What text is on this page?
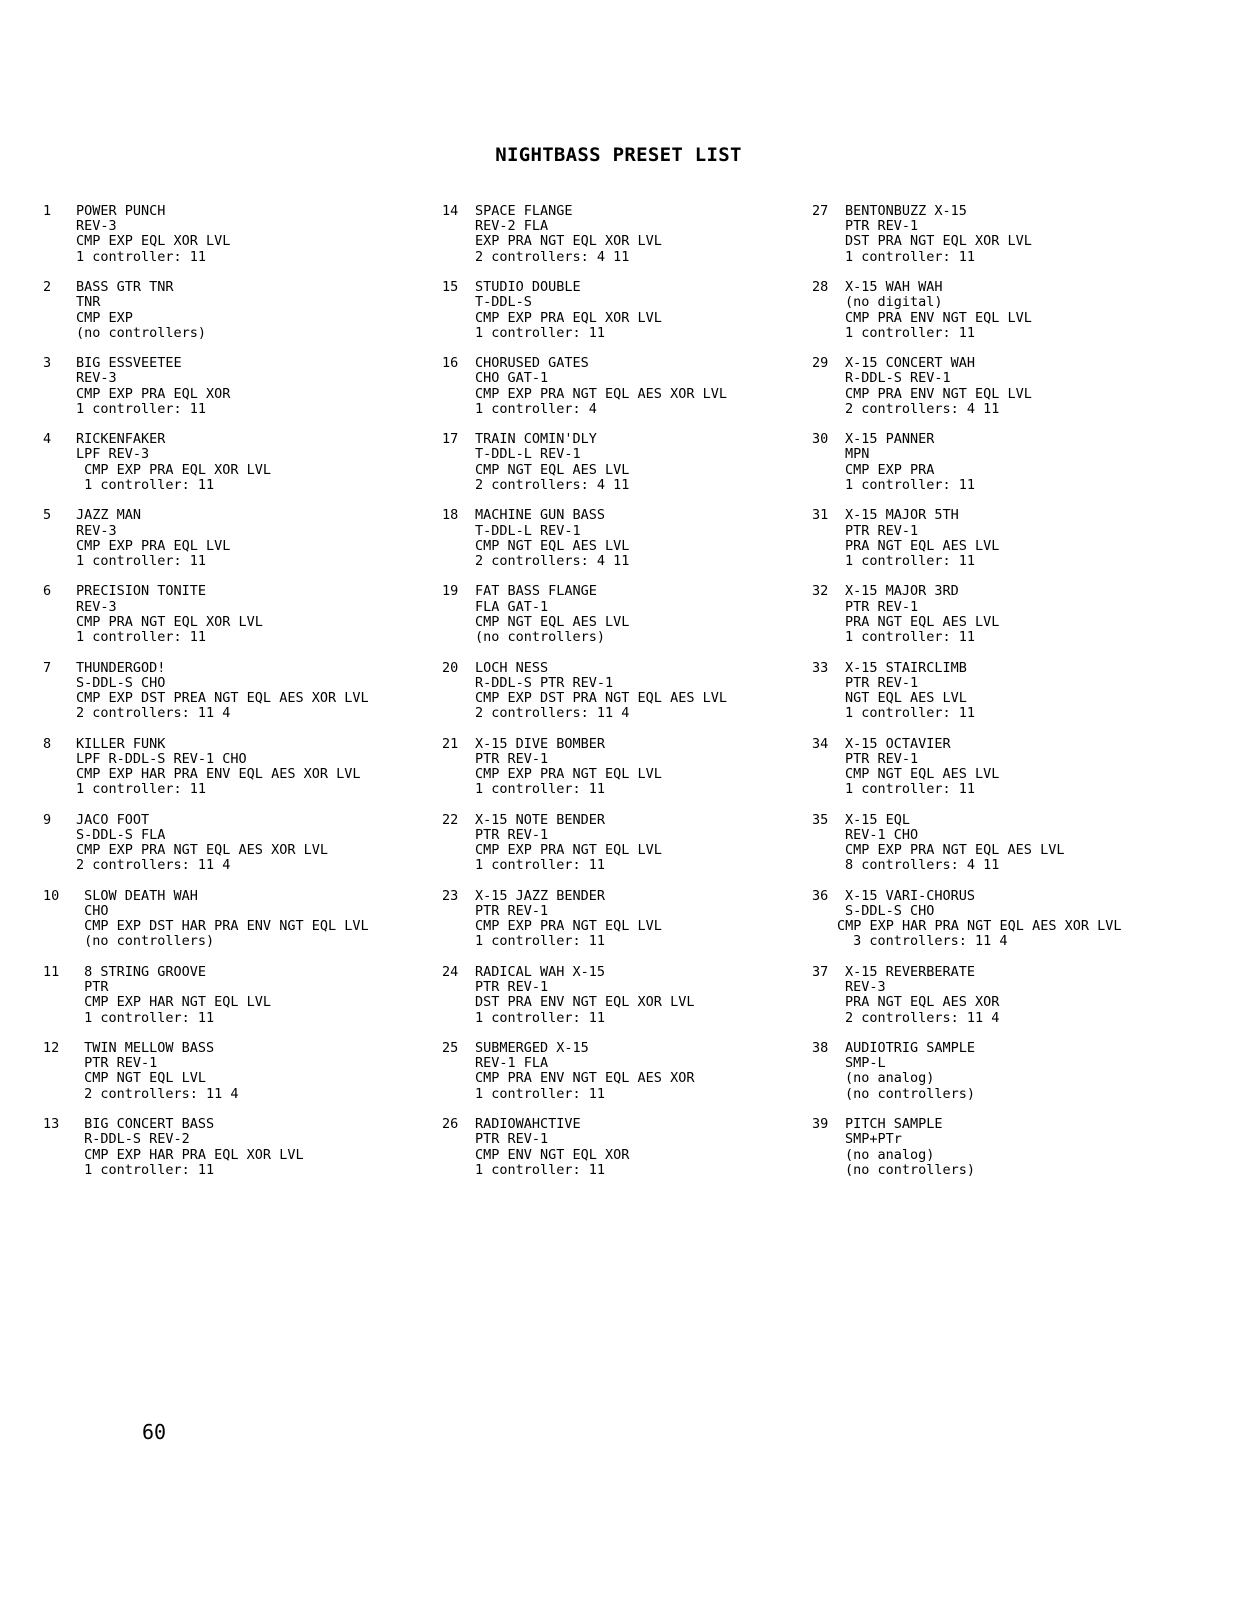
NIGHTBASS PRESET LIST
1	POWER PUNCH
REV-3
CMP EXP EQL XOR LVL
1 controller: 11
2	BASS GTR TNR
TNR
CMP EXP
(no controllers)
3	BIG ESSVEETEE
REV-3
CMP EXP PRA EQL XOR
1 controller: 11
4	RICKENFAKER
LPF REV-3
CMP EXP PRA EQL XOR LVL
1 controller: 11
5	JAZZ MAN
REV-3
CMP EXP PRA EQL LVL
1 controller: 11
6	PRECISION TONITE
REV-3
CMP PRA NGT EQL XOR LVL
1 controller: 11
7	THUNDERGOD!
S-DDL-S CHO
CMP EXP DST PREA NGT EQL AES XOR LVL
2 controllers: 11 4
8	KILLER FUNK
LPF R-DDL-S REV-1 CHO
CMP EXP HAR PRA ENV EQL AES XOR LVL
1 controller: 11
9	JACO FOOT
S-DDL-S FLA
CMP EXP PRA NGT EQL AES XOR LVL
2 controllers: 11 4
10	SLOW DEATH WAH
CHO
CMP EXP DST HAR PRA ENV NGT EQL LVL
(no controllers)
11	8 STRING GROOVE
PTR
CMP EXP HAR NGT EQL LVL
1 controller: 11
12	TWIN MELLOW BASS
PTR REV-1
CMP NGT EQL LVL
2 controllers: 11 4
13	BIG CONCERT BASS
R-DDL-S REV-2
CMP EXP HAR PRA EQL XOR LVL
1 controller: 11
14	SPACE FLANGE
REV-2 FLA
EXP PRA NGT EQL XOR LVL
2 controllers: 4 11
15	STUDIO DOUBLE
T-DDL-S
CMP EXP PRA EQL XOR LVL
1 controller: 11
16	CHORUSED GATES
CHO GAT-1
CMP EXP PRA NGT EQL AES XOR LVL
1 controller: 4
17	TRAIN COMIN'DLY
T-DDL-L REV-1
CMP NGT EQL AES LVL
2 controllers: 4 11
18	MACHINE GUN BASS
T-DDL-L REV-1
CMP NGT EQL AES LVL
2 controllers: 4 11
19	FAT BASS FLANGE
FLA GAT-1
CMP NGT EQL AES LVL
(no controllers)
20	LOCH NESS
R-DDL-S PTR REV-1
CMP EXP DST PRA NGT EQL AES LVL
2 controllers: 11 4
21	X-15 DIVE BOMBER
PTR REV-1
CMP EXP PRA NGT EQL LVL
1 controller: 11
22	X-15 NOTE BENDER
PTR REV-1
CMP EXP PRA NGT EQL LVL
1 controller: 11
23	X-15 JAZZ BENDER
PTR REV-1
CMP EXP PRA NGT EQL LVL
1 controller: 11
24	RADICAL WAH X-15
PTR REV-1
DST PRA ENV NGT EQL XOR LVL
1 controller: 11
25	SUBMERGED X-15
REV-1 FLA
CMP PRA ENV NGT EQL AES XOR
1 controller: 11
26	RADIOWAHCTIVE
PTR REV-1
CMP ENV NGT EQL XOR
1 controller: 11
27	BENTONBUZZ X-15
PTR REV-1
DST PRA NGT EQL XOR LVL
1 controller: 11
28	X-15 WAH WAH
(no digital)
CMP PRA ENV NGT EQL LVL
1 controller: 11
29	X-15 CONCERT WAH
R-DDL-S REV-1
CMP PRA ENV NGT EQL LVL
2 controllers: 4 11
30	X-15 PANNER
MPN
CMP EXP PRA
1 controller: 11
31	X-15 MAJOR 5TH
PTR REV-1
PRA NGT EQL AES LVL
1 controller: 11
32	X-15 MAJOR 3RD
PTR REV-1
PRA NGT EQL AES LVL
1 controller: 11
33	X-15 STAIRCLIMB
PTR REV-1
NGT EQL AES LVL
1 controller: 11
34	X-15 OCTAVIER
PTR REV-1
CMP NGT EQL AES LVL
1 controller: 11
35	X-15 EQL
REV-1 CHO
CMP EXP PRA NGT EQL AES LVL
8 controllers: 4 11
36	X-15 VARI-CHORUS
S-DDL-S CHO
CMP EXP HAR PRA NGT EQL AES XOR LVL
3 controllers: 11 4
37	X-15 REVERBERATE
REV-3
PRA NGT EQL AES XOR
2 controllers: 11 4
38	AUDIOTRIG SAMPLE
SMP-L
(no analog)
(no controllers)
39	PITCH SAMPLE
SMP+PTr
(no analog)
(no controllers)
60
